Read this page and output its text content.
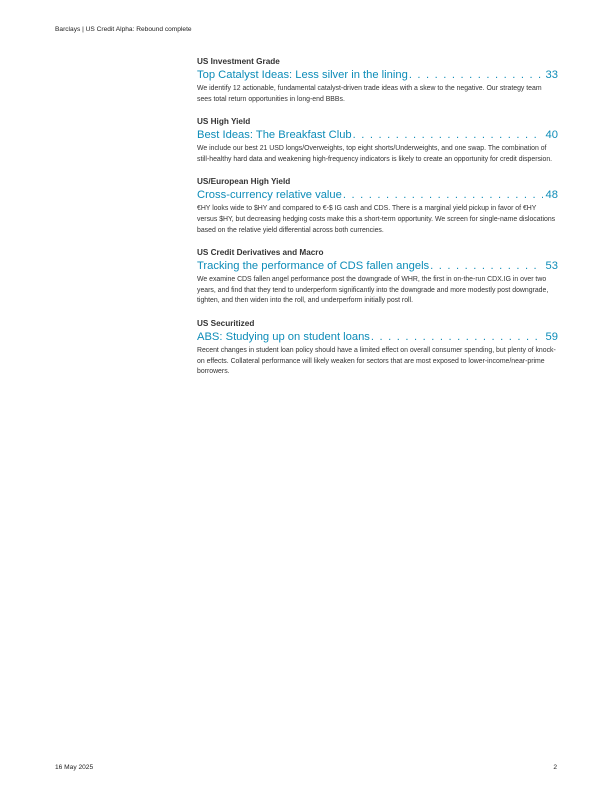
Barclays | US Credit Alpha: Rebound complete
US Investment Grade
Top Catalyst Ideas: Less silver in the lining . . .	33
We identify 12 actionable, fundamental catalyst-driven trade ideas with a skew to the negative. Our strategy team sees total return opportunities in long-end BBBs.
US High Yield
Best Ideas: The Breakfast Club . . .	40
We include our best 21 USD longs/Overweights, top eight shorts/Underweights, and one swap. The combination of still-healthy hard data and weakening high-frequency indicators is likely to create an opportunity for credit dispersion.
US/European High Yield
Cross-currency relative value . . .	48
€HY looks wide to $HY and compared to €-$ IG cash and CDS. There is a marginal yield pickup in favor of €HY versus $HY, but decreasing hedging costs make this a short-term opportunity. We screen for single-name dislocations based on the relative yield differential across both currencies.
US Credit Derivatives and Macro
Tracking the performance of CDS fallen angels . . .	53
We examine CDS fallen angel performance post the downgrade of WHR, the first in on-the-run CDX.IG in over two years, and find that they tend to underperform significantly into the downgrade and more modestly post downgrade, tighten, and then widen into the roll, and underperform initially post roll.
US Securitized
ABS: Studying up on student loans . . .	59
Recent changes in student loan policy should have a limited effect on overall consumer spending, but plenty of knock-on effects. Collateral performance will likely weaken for sectors that are most exposed to lower-income/near-prime borrowers.
16 May 2025	2
